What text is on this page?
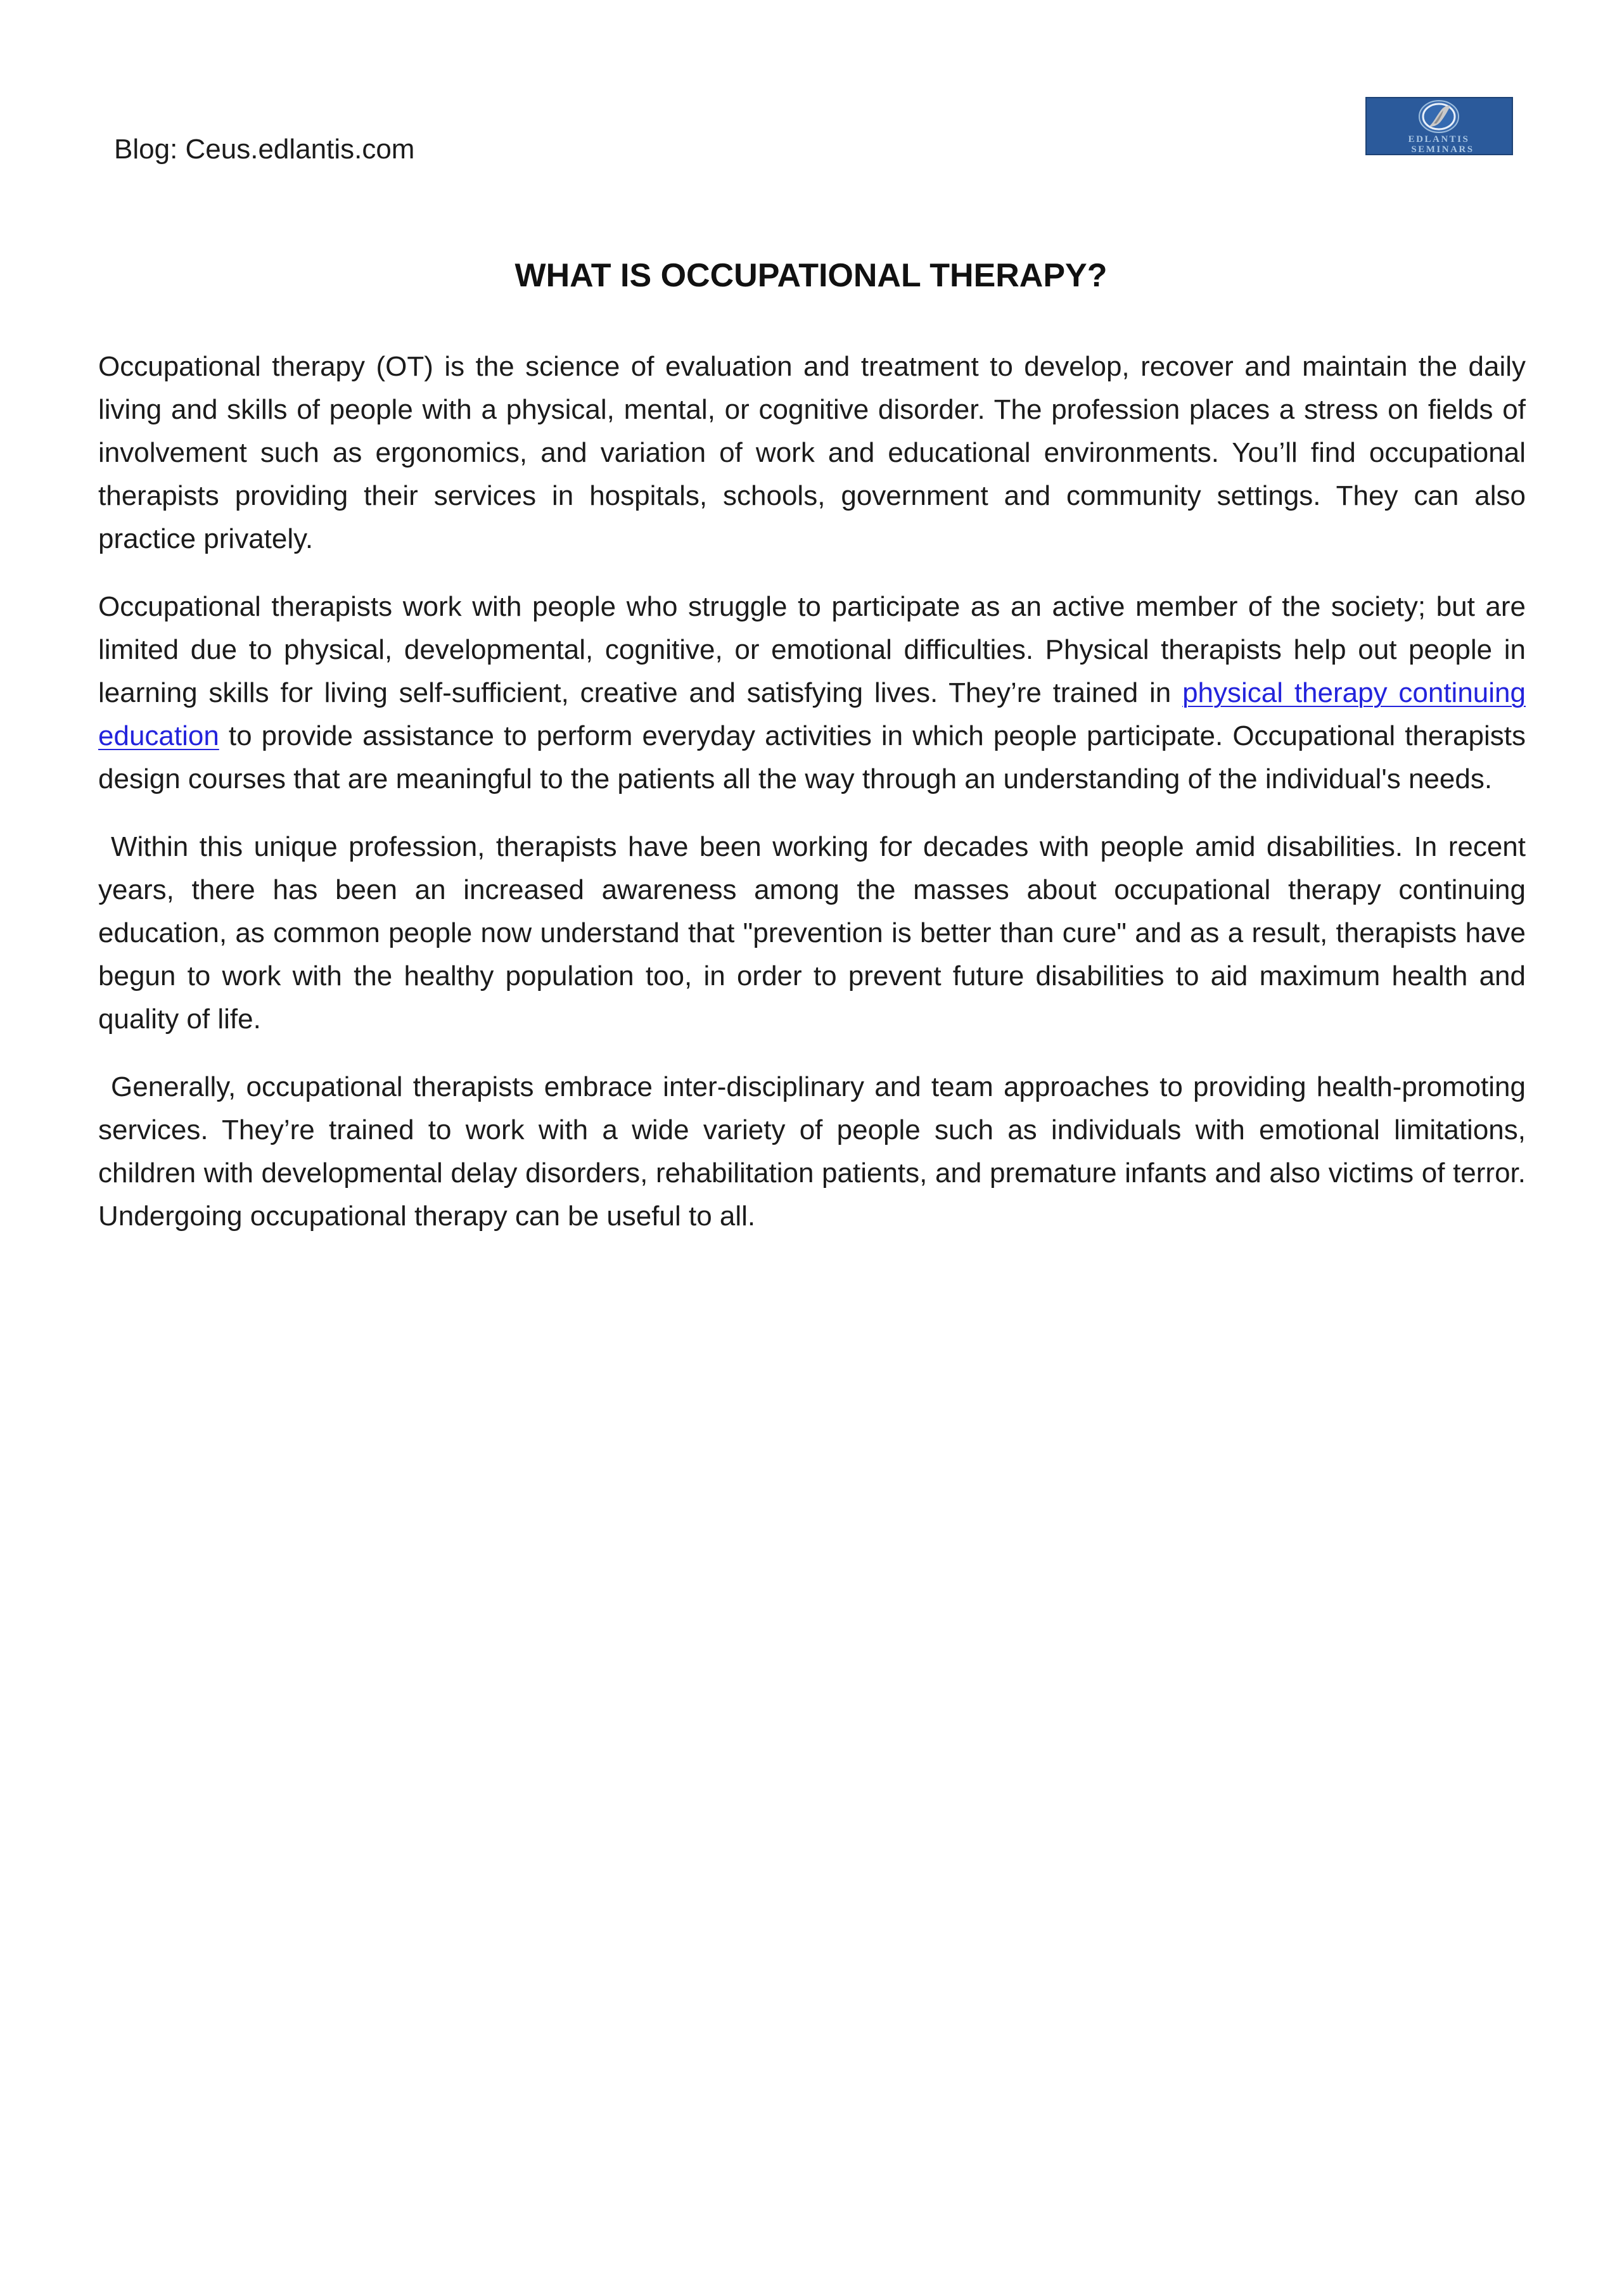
Blog: Ceus.edlantis.com	EDLANTIS
SEMINARS
WHAT IS OCCUPATIONAL THERAPY?

Occupational therapy (OT) is the science of evaluation and treatment to develop, recover and maintain the daily living and skills of people with a physical, mental, or cognitive disorder. The profession places a stress on fields of involvement such as ergonomics, and variation of work and educational environments. You’ll find occupational therapists providing their services in hospitals, schools, government and community settings. They can also practice privately.

Occupational therapists work with people who struggle to participate as an active member of the society; but are limited due to physical, developmental, cognitive, or emotional difficulties. Physical therapists help out people in learning skills for living self-sufficient, creative and satisfying lives. They’re trained in physical therapy continuing education to provide assistance to perform everyday activities in which people participate. Occupational therapists design courses that are meaningful to the patients all the way through an understanding of the individual's needs.

Within this unique profession, therapists have been working for decades with people amid disabilities. In recent years, there has been an increased awareness among the masses about occupational therapy continuing education, as common people now understand that "prevention is better than cure" and as a result, therapists have begun to work with the healthy population too, in order to prevent future disabilities to aid maximum health and quality of life.

Generally, occupational therapists embrace inter-disciplinary and team approaches to providing health-promoting services. They’re trained to work with a wide variety of people such as individuals with emotional limitations, children with developmental delay disorders, rehabilitation patients, and premature infants and also victims of terror. Undergoing occupational therapy can be useful to all.
